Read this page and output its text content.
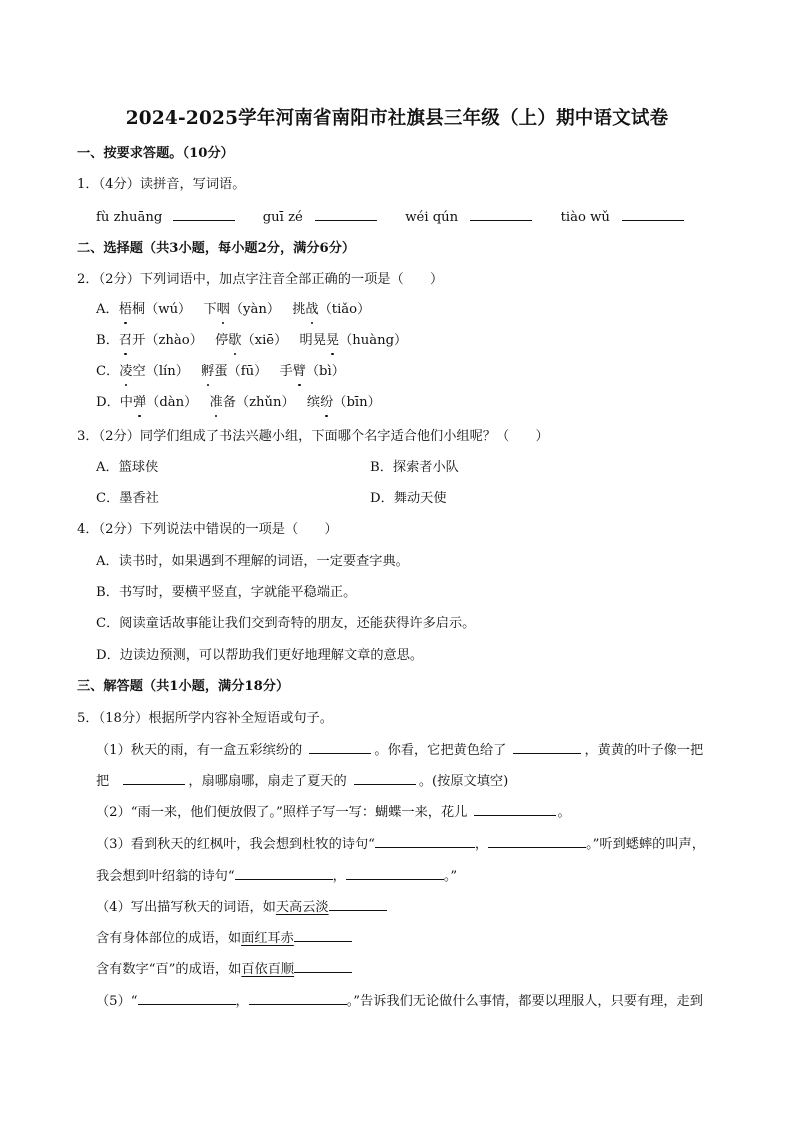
2024-2025学年河南省南阳市社旗县三年级（上）期中语文试卷
一、按要求答题。（10分）
1．（4分）读拼音，写词语。
fù zhuāng	guī zé	wéi qún	tiào wǔ
二、选择题（共3小题，每小题2分，满分6分）
2．（2分）下列词语中，加点字注音全部正确的一项是（　　）
A．梧桐（wú） 下咽（yàn） 挑战（tiǎo）
B．召开（zhào） 停歇（xiē） 明晃晃（huàng）
C．凌空（lín） 孵蛋（fū） 手臂（bì）
D．中弹（dàn） 准备（zhǔn） 缤纷（bīn）
3．（2分）同学们组成了书法兴趣小组，下面哪个名字适合他们小组呢？（　　）
A．篮球侠	B．探索者小队
C．墨香社	D．舞动天使
4．（2分）下列说法中错误的一项是（　　）
A．读书时，如果遇到不理解的词语，一定要查字典。
B．书写时，要横平竖直，字就能平稳端正。
C．阅读童话故事能让我们交到奇特的朋友，还能获得许多启示。
D．边读边预测，可以帮助我们更好地理解文章的意思。
三、解答题（共1小题，满分18分）
5．（18分）根据所学内容补全短语或句子。
（1）秋天的雨，有一盒五彩缤纷的	。你看，它把黄色给了	，黄黄的叶子像一把
把	，扇哪扇哪，扇走了夏天的	。(按原文填空)
（2）“雨一来，他们便放假了。”照样子写一写：蝴蝶一来，花儿	。
（3）看到秋天的红枫叶，我会想到杜牧的诗句“	，	。”听到蟋蟀的叫声，
我会想到叶绍翁的诗句“	，	。”
（4）写出描写秋天的词语，如天高云淡
含有身体部位的成语，如面红耳赤
含有数字“百”的成语，如百依百顺
（5）“	，	。”告诉我们无论做什么事情，都要以理服人，只要有理，走到
